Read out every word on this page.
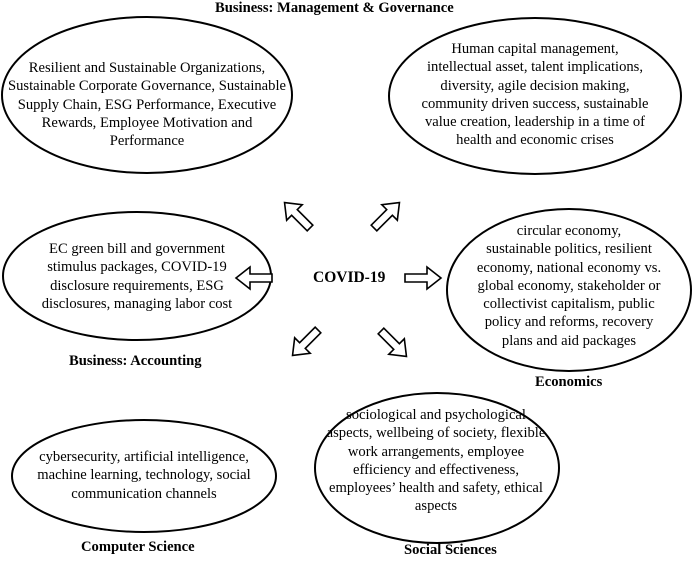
COVID-19
Business: Management & Governance
Business: Accounting
Economics
Social Sciences
Computer Science
Resilient and Sustainable Organizations,
Sustainable Corporate Governance, Sustainable
Supply Chain, ESG Performance, Executive
Rewards, Employee Motivation and
Performance
Human capital management,
intellectual asset, talent implications,
diversity, agile decision making,
community driven success, sustainable
value creation, leadership in a time of
health and economic crises
EC green bill and government
stimulus packages, COVID-19
disclosure requirements, ESG
disclosures, managing labor cost
circular economy,
sustainable politics, resilient
economy, national economy vs.
global economy, stakeholder or
collectivist capitalism, public
policy and reforms, recovery
plans and aid packages
sociological and psychological
aspects, wellbeing of society, flexible
work arrangements, employee
efficiency and effectiveness,
employees’ health and safety, ethical
aspects
cybersecurity, artificial intelligence,
machine learning, technology, social
communication channels
